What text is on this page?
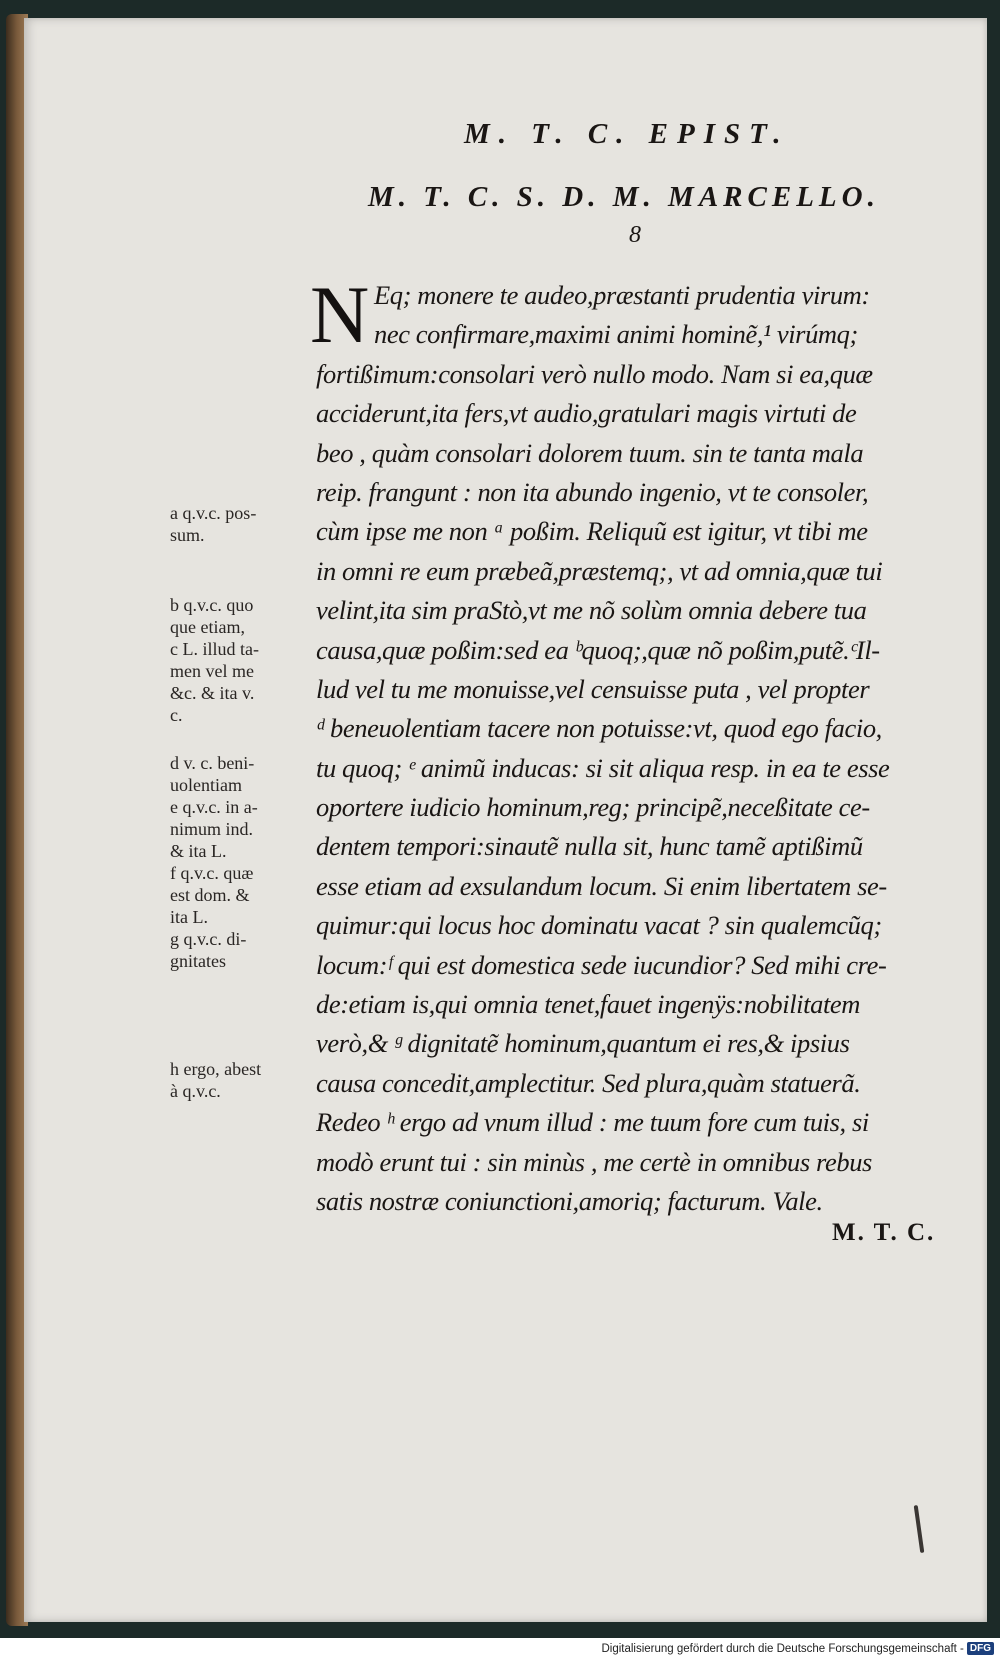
M. T. C. EPIST.
M. T. C. S. D. M. MARCELLO.
8
N Eq; monere te audeo,præstanti prudentia virum:
nec confirmare,maximi animi hominẽ,¹ virúmq;
fortißimum:consolari verò nullo modo. Nam si ea,quæ
acciderunt,ita fers,vt audio,gratulari magis virtuti de
beo , quàm consolari dolorem tuum. sin te tanta mala
reip. frangunt : non ita abundo ingenio, vt te consoler,
cùm ipse me non ᵃ poßim. Reliquũ est igitur, vt tibi me
in omni re eum præbeã,præstemq;, vt ad omnia,quæ tui
velint,ita sim praStò,vt me nõ solùm omnia debere tua
causa,quæ poßim:sed ea ᵇquoq;,quæ nõ poßim,putẽ.ᶜIl-
lud vel tu me monuisse,vel censuisse puta , vel propter
ᵈ beneuolentiam tacere non potuisse:vt, quod ego facio,
tu quoq; ᵉ animũ inducas: si sit aliqua resp. in ea te esse
oportere iudicio hominum,reg; principẽ,neceßitate ce-
dentem tempori:sinautẽ nulla sit, hunc tamẽ aptißimũ
esse etiam ad exsulandum locum. Si enim libertatem se-
quimur:qui locus hoc dominatu vacat ? sin qualemcũq;
locum:ᶠ qui est domestica sede iucundior? Sed mihi cre-
de:etiam is,qui omnia tenet,fauet ingenÿs:nobilitatem
verò,& ᵍ dignitatẽ hominum,quantum ei res,& ipsius
causa concedit,amplectitur. Sed plura,quàm statuerã.
Redeo ʰ ergo ad vnum illud : me tuum fore cum tuis, si
modò erunt tui : sin minùs , me certè in omnibus rebus
satis nostræ coniunctioni,amoriq; facturum. Vale.
M. T. C.
a q.v.c. pos-
sum.
b q.v.c. quo
que etiam,
c L. illud ta-
men vel me
&c. & ita v.
c.
d v. c. beni-
uolentiam
e q.v.c. in a-
nimum ind.
& ita L.
f q.v.c. quæ
est dom. &
ita L.
g q.v.c. di-
gnitates
h ergo, abest
à q.v.c.
Digitalisierung gefördert durch die Deutsche Forschungsgemeinschaft - DFG
